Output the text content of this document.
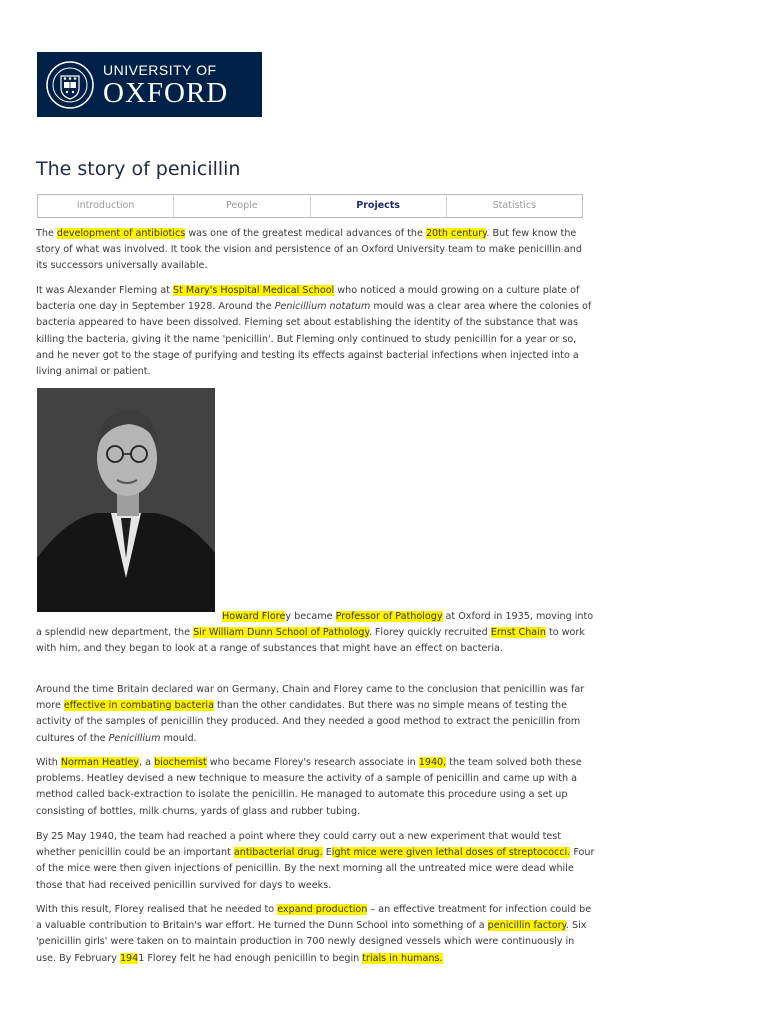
UNIVERSITY OF
OXFORD
The story of penicillin
Introduction	People	Projects	Statistics

The development of antibiotics was one of the greatest medical advances of the 20th century. But few know the story of what was involved. It took the vision and persistence of an Oxford University team to make penicillin and its successors universally available.

It was Alexander Fleming at St Mary's Hospital Medical School who noticed a mould growing on a culture plate of bacteria one day in September 1928. Around the Penicillium notatum mould was a clear area where the colonies of bacteria appeared to have been dissolved. Fleming set about establishing the identity of the substance that was killing the bacteria, giving it the name 'penicillin'. But Fleming only continued to study penicillin for a year or so, and he never got to the stage of purifying and testing its effects against bacterial infections when injected into a living animal or patient.

Howard Florey became Professor of Pathology at Oxford in 1935, moving into a splendid new department, the Sir William Dunn School of Pathology. Florey quickly recruited Ernst Chain to work with him, and they began to look at a range of substances that might have an effect on bacteria.

Around the time Britain declared war on Germany, Chain and Florey came to the conclusion that penicillin was far more effective in combating bacteria than the other candidates. But there was no simple means of testing the activity of the samples of penicillin they produced. And they needed a good method to extract the penicillin from cultures of the Penicillium mould.

With Norman Heatley, a biochemist who became Florey's research associate in 1940, the team solved both these problems. Heatley devised a new technique to measure the activity of a sample of penicillin and came up with a method called back-extraction to isolate the penicillin. He managed to automate this procedure using a set up consisting of bottles, milk churns, yards of glass and rubber tubing.

By 25 May 1940, the team had reached a point where they could carry out a new experiment that would test whether penicillin could be an important antibacterial drug. Eight mice were given lethal doses of streptococci. Four of the mice were then given injections of penicillin. By the next morning all the untreated mice were dead while those that had received penicillin survived for days to weeks.

With this result, Florey realised that he needed to expand production – an effective treatment for infection could be a valuable contribution to Britain's war effort. He turned the Dunn School into something of a penicillin factory. Six 'penicillin girls' were taken on to maintain production in 700 newly designed vessels which were continuously in use. By February 1941 Florey felt he had enough penicillin to begin trials in humans.
